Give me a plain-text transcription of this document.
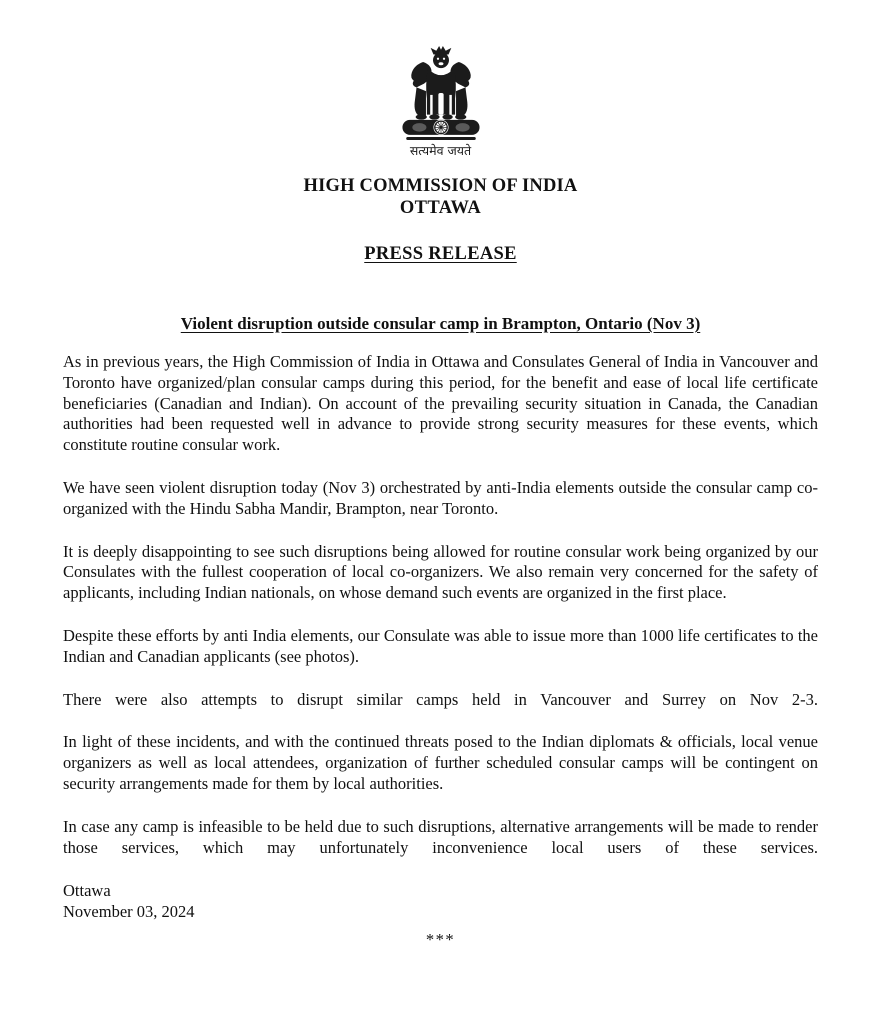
सत्यमेव जयते
HIGH COMMISSION OF INDIA
OTTAWA
PRESS RELEASE
Violent disruption outside consular camp in Brampton, Ontario (Nov 3)

As in previous years, the High Commission of India in Ottawa and Consulates General of India in Vancouver and Toronto have organized/plan consular camps during this period, for the benefit and ease of local life certificate beneficiaries (Canadian and Indian). On account of the prevailing security situation in Canada, the Canadian authorities had been requested well in advance to provide strong security measures for these events, which constitute routine consular work.

We have seen violent disruption today (Nov 3) orchestrated by anti-India elements outside the consular camp co-organized with the Hindu Sabha Mandir, Brampton, near Toronto.

It is deeply disappointing to see such disruptions being allowed for routine consular work being organized by our Consulates with the fullest cooperation of local co-organizers. We also remain very concerned for the safety of applicants, including Indian nationals, on whose demand such events are organized in the first place.

Despite these efforts by anti India elements, our Consulate was able to issue more than 1000 life certificates to the Indian and Canadian applicants (see photos).

There were also attempts to disrupt similar camps held in Vancouver and Surrey on Nov 2-3.

In light of these incidents, and with the continued threats posed to the Indian diplomats & officials, local venue organizers as well as local attendees, organization of further scheduled consular camps will be contingent on security arrangements made for them by local authorities.

In case any camp is infeasible to be held due to such disruptions, alternative arrangements will be made to render those services, which may unfortunately inconvenience local users of these services.

Ottawa
November 03, 2024
***
